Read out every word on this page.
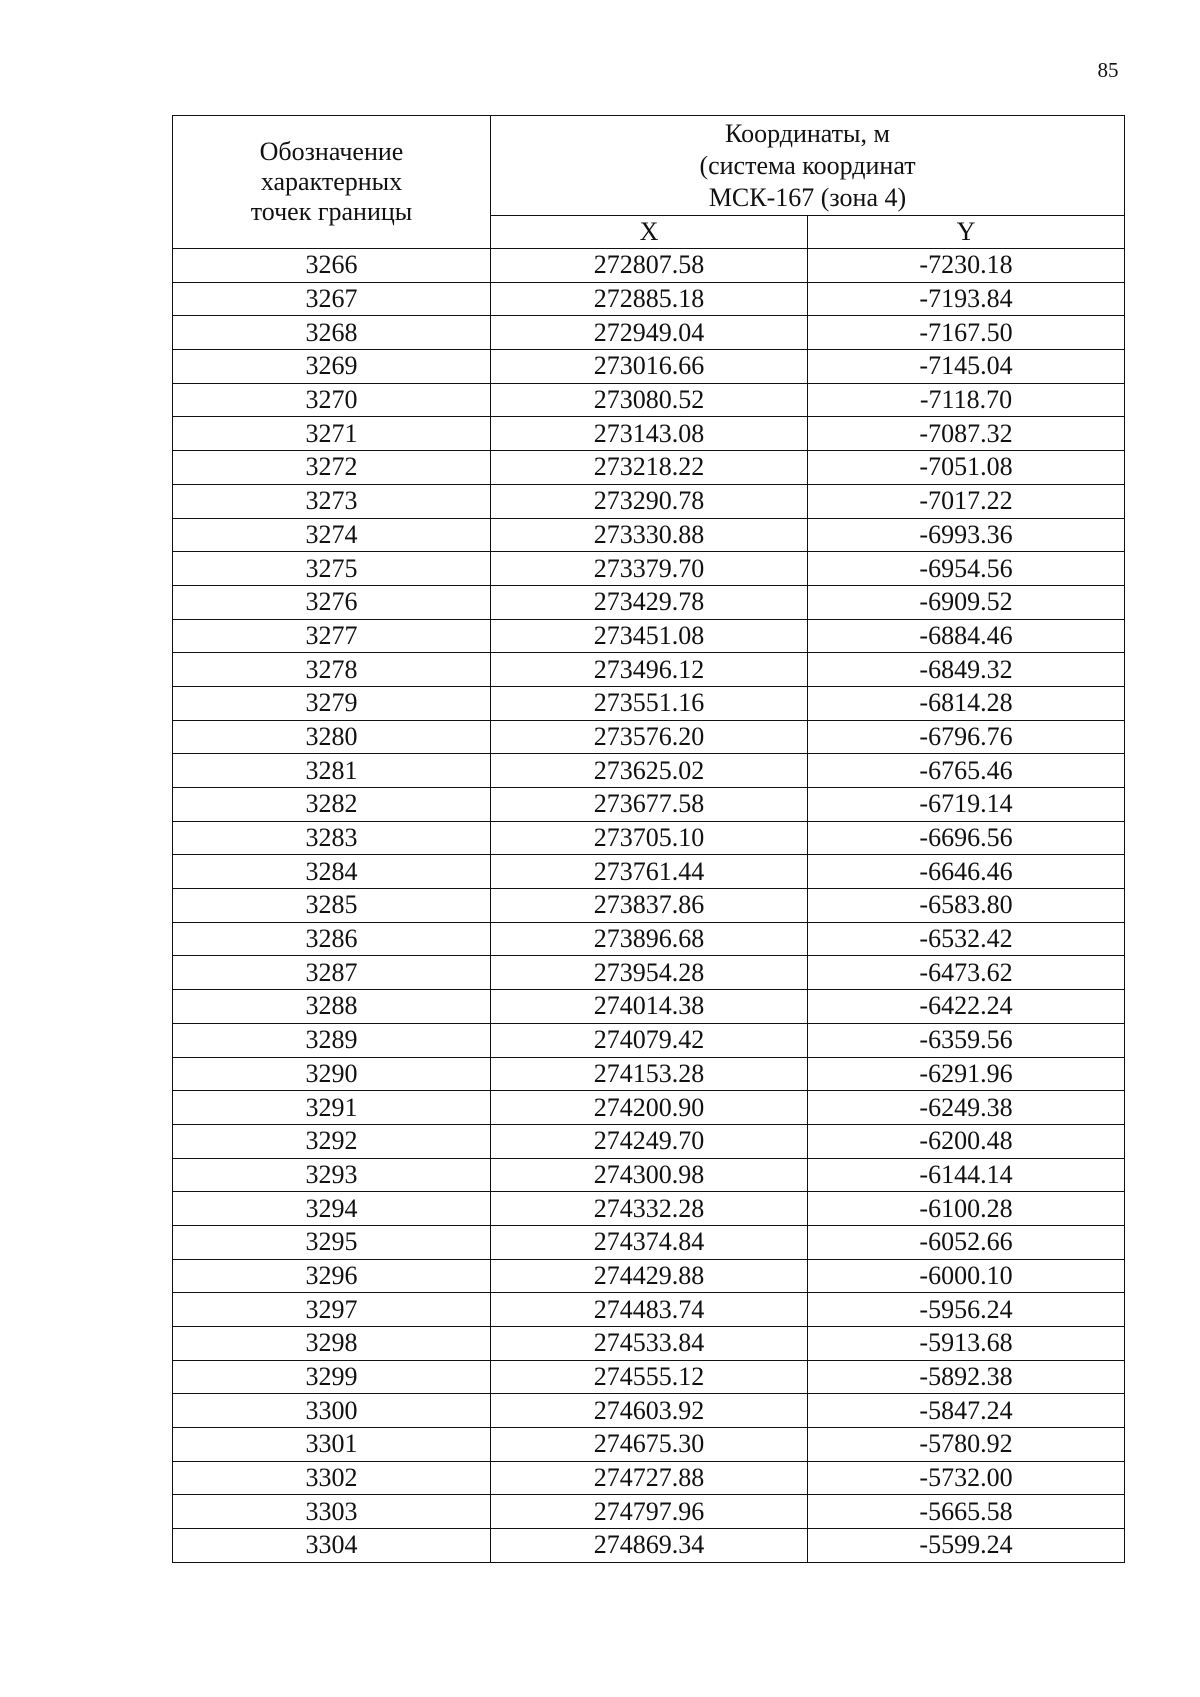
85
Обозначение
характерных
точек границы	Координаты, м
(система координат
МСК-167 (зона 4)	

	X	Y
3266	272807.58	-7230.18
3267	272885.18	-7193.84
3268	272949.04	-7167.50
3269	273016.66	-7145.04
3270	273080.52	-7118.70
3271	273143.08	-7087.32
3272	273218.22	-7051.08
3273	273290.78	-7017.22
3274	273330.88	-6993.36
3275	273379.70	-6954.56
3276	273429.78	-6909.52
3277	273451.08	-6884.46
3278	273496.12	-6849.32
3279	273551.16	-6814.28
3280	273576.20	-6796.76
3281	273625.02	-6765.46
3282	273677.58	-6719.14
3283	273705.10	-6696.56
3284	273761.44	-6646.46
3285	273837.86	-6583.80
3286	273896.68	-6532.42
3287	273954.28	-6473.62
3288	274014.38	-6422.24
3289	274079.42	-6359.56
3290	274153.28	-6291.96
3291	274200.90	-6249.38
3292	274249.70	-6200.48
3293	274300.98	-6144.14
3294	274332.28	-6100.28
3295	274374.84	-6052.66
3296	274429.88	-6000.10
3297	274483.74	-5956.24
3298	274533.84	-5913.68
3299	274555.12	-5892.38
3300	274603.92	-5847.24
3301	274675.30	-5780.92
3302	274727.88	-5732.00
3303	274797.96	-5665.58
3304	274869.34	-5599.24
